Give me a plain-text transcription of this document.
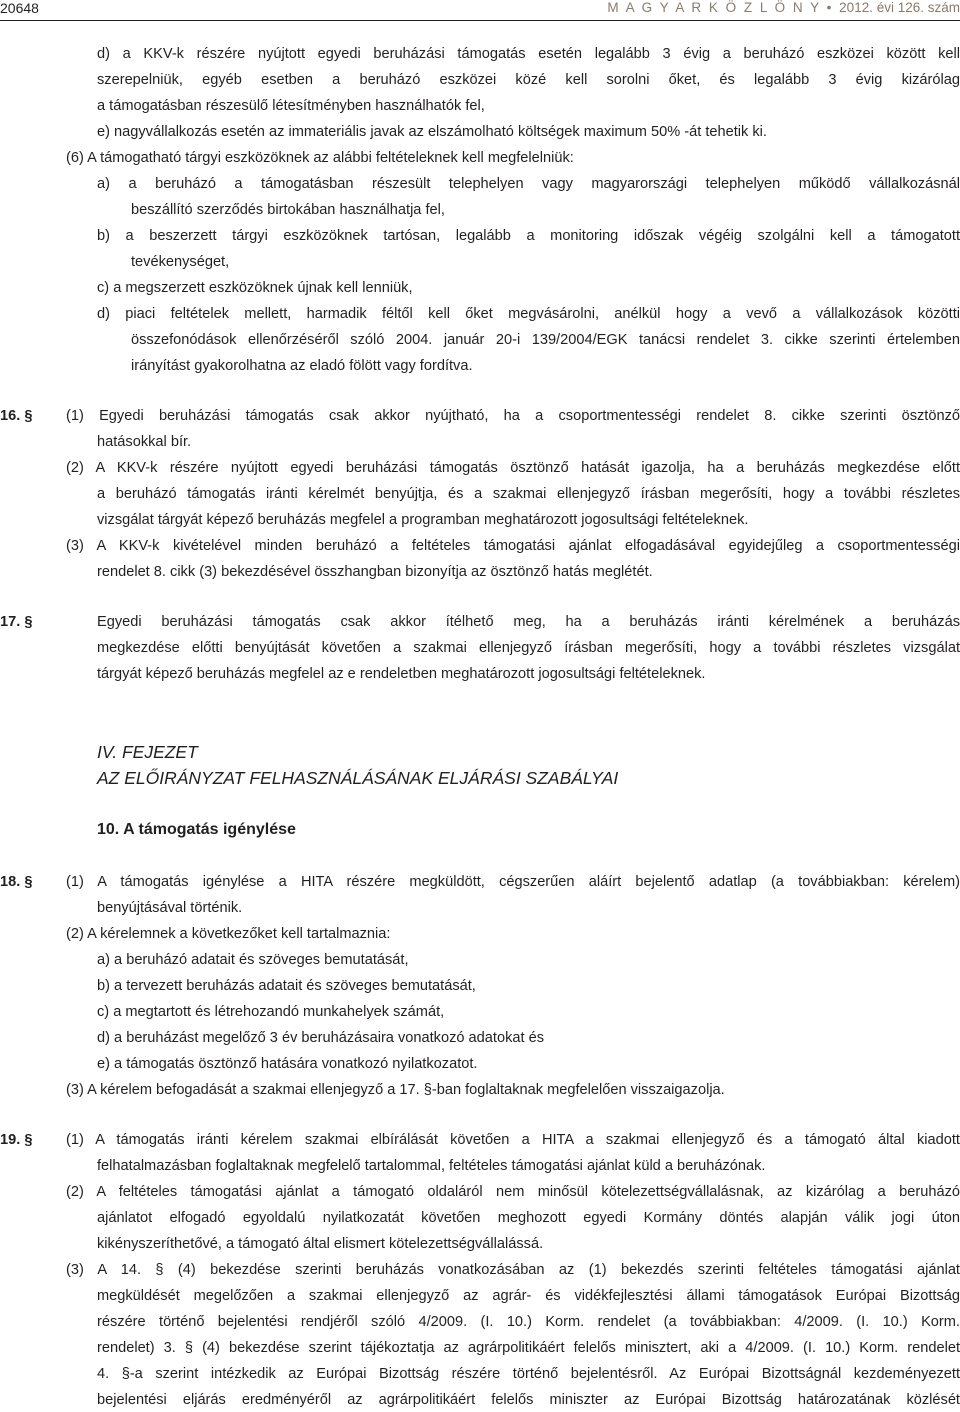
20648	M A G Y A R K Ö Z L Ö N Y • 2012. évi 126. szám
d) a KKV-k részére nyújtott egyedi beruházási támogatás esetén legalább 3 évig a beruházó eszközei között kell
szerepelniük, egyéb esetben a beruházó eszközei közé kell sorolni őket, és legalább 3 évig kizárólag
a támogatásban részesülő létesítményben használhatók fel,
e) nagyvállalkozás esetén az immateriális javak az elszámolható költségek maximum 50% -át tehetik ki.
(6) A támogatható tárgyi eszközöknek az alábbi feltételeknek kell megfelelniük:
a) a beruházó a támogatásban részesült telephelyen vagy magyarországi telephelyen működő vállalkozásnál
beszállító szerződés birtokában használhatja fel,
b) a beszerzett tárgyi eszközöknek tartósan, legalább a monitoring időszak végéig szolgálni kell a támogatott
tevékenységet,
c) a megszerzett eszközöknek újnak kell lenniük,
d) piaci feltételek mellett, harmadik féltől kell őket megvásárolni, anélkül hogy a vevő a vállalkozások közötti
összefonódások ellenőrzéséről szóló 2004. január 20-i 139/2004/EGK tanácsi rendelet 3. cikke szerinti értelemben
irányítást gyakorolhatna az eladó fölött vagy fordítva.
(1) Egyedi beruházási támogatás csak akkor nyújtható, ha a csoportmentességi rendelet 8. cikke szerinti ösztönző
hatásokkal bír.
(2) A KKV-k részére nyújtott egyedi beruházási támogatás ösztönző hatását igazolja, ha a beruházás megkezdése előtt
a beruházó támogatás iránti kérelmét benyújtja, és a szakmai ellenjegyző írásban megerősíti, hogy a további részletes
vizsgálat tárgyát képező beruházás megfelel a programban meghatározott jogosultsági feltételeknek.
(3) A KKV-k kivételével minden beruházó a feltételes támogatási ajánlat elfogadásával egyidejűleg a csoportmentességi
rendelet 8. cikk (3) bekezdésével összhangban bizonyítja az ösztönző hatás meglétét.
Egyedi beruházási támogatás csak akkor ítélhető meg, ha a beruházás iránti kérelmének a beruházás
megkezdése előtti benyújtását követően a szakmai ellenjegyző írásban megerősíti, hogy a további részletes vizsgálat
tárgyát képező beruházás megfelel az e rendeletben meghatározott jogosultsági feltételeknek.
(1) A támogatás igénylése a HITA részére megküldött, cégszerűen aláírt bejelentő adatlap (a továbbiakban: kérelem)
benyújtásával történik.
(2) A kérelemnek a következőket kell tartalmaznia:
a) a beruházó adatait és szöveges bemutatását,
b) a tervezett beruházás adatait és szöveges bemutatását,
c) a megtartott és létrehozandó munkahelyek számát,
d) a beruházást megelőző 3 év beruházásaira vonatkozó adatokat és
e) a támogatás ösztönző hatására vonatkozó nyilatkozatot.
(3) A kérelem befogadását a szakmai ellenjegyző a 17. §-ban foglaltaknak megfelelően visszaigazolja.
(1) A támogatás iránti kérelem szakmai elbírálását követően a HITA a szakmai ellenjegyző és a támogató által kiadott
felhatalmazásban foglaltaknak megfelelő tartalommal, feltételes támogatási ajánlat küld a beruházónak.
(2) A feltételes támogatási ajánlat a támogató oldaláról nem minősül kötelezettségvállalásnak, az kizárólag a beruházó
ajánlatot elfogadó egyoldalú nyilatkozatát követően meghozott egyedi Kormány döntés alapján válik jogi úton
kikényszeríthetővé, a támogató által elismert kötelezettségvállalássá.
(3) A 14. § (4) bekezdése szerinti beruházás vonatkozásában az (1) bekezdés szerinti feltételes támogatási ajánlat
megküldését megelőzően a szakmai ellenjegyző az agrár- és vidékfejlesztési állami támogatások Európai Bizottság
részére történő bejelentési rendjéről szóló 4/2009. (I. 10.) Korm. rendelet (a továbbiakban: 4/2009. (I. 10.) Korm.
rendelet) 3. § (4) bekezdése szerint tájékoztatja az agrárpolitikáért felelős minisztert, aki a 4/2009. (I. 10.) Korm. rendelet
4. §-a szerint intézkedik az Európai Bizottság részére történő bejelentésről. Az Európai Bizottságnál kezdeményezett
bejelentési eljárás eredményéről az agrárpolitikáért felelős miniszter az Európai Bizottság határozatának közlését
16. §
17. §
18. §
19. §
IV. FEJEZET
AZ ELŐIRÁNYZAT FELHASZNÁLÁSÁNAK ELJÁRÁSI SZABÁLYAI
10. A támogatás igénylése
